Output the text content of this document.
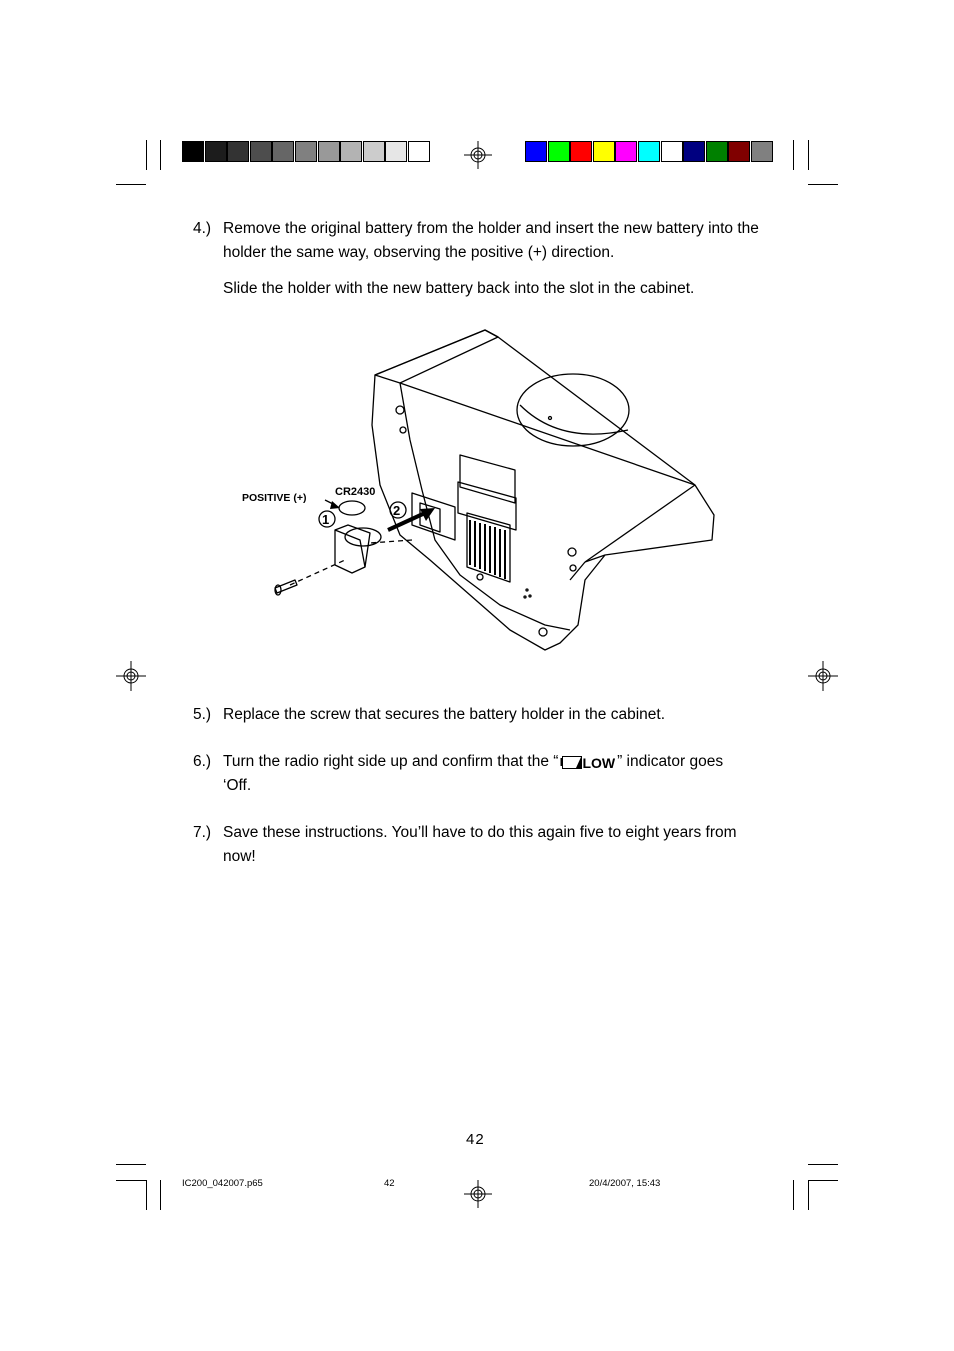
4.) Remove the original battery from the holder and insert the new battery into the
holder the same way, observing the positive (+) direction.
Slide the holder with the new battery back into the slot in the cabinet.
1
2
POSITIVE (+)	CR2430
5.) Replace the screw that secures the battery holder in the cabinet.
6.) Turn the radio right side up and confirm that the “ LOW ” indicator goes
‘Off.
7.) Save these instructions. You’ll have to do this again five to eight years from
now!
42
IC200_042007.p65	42	20/4/2007, 15:43
